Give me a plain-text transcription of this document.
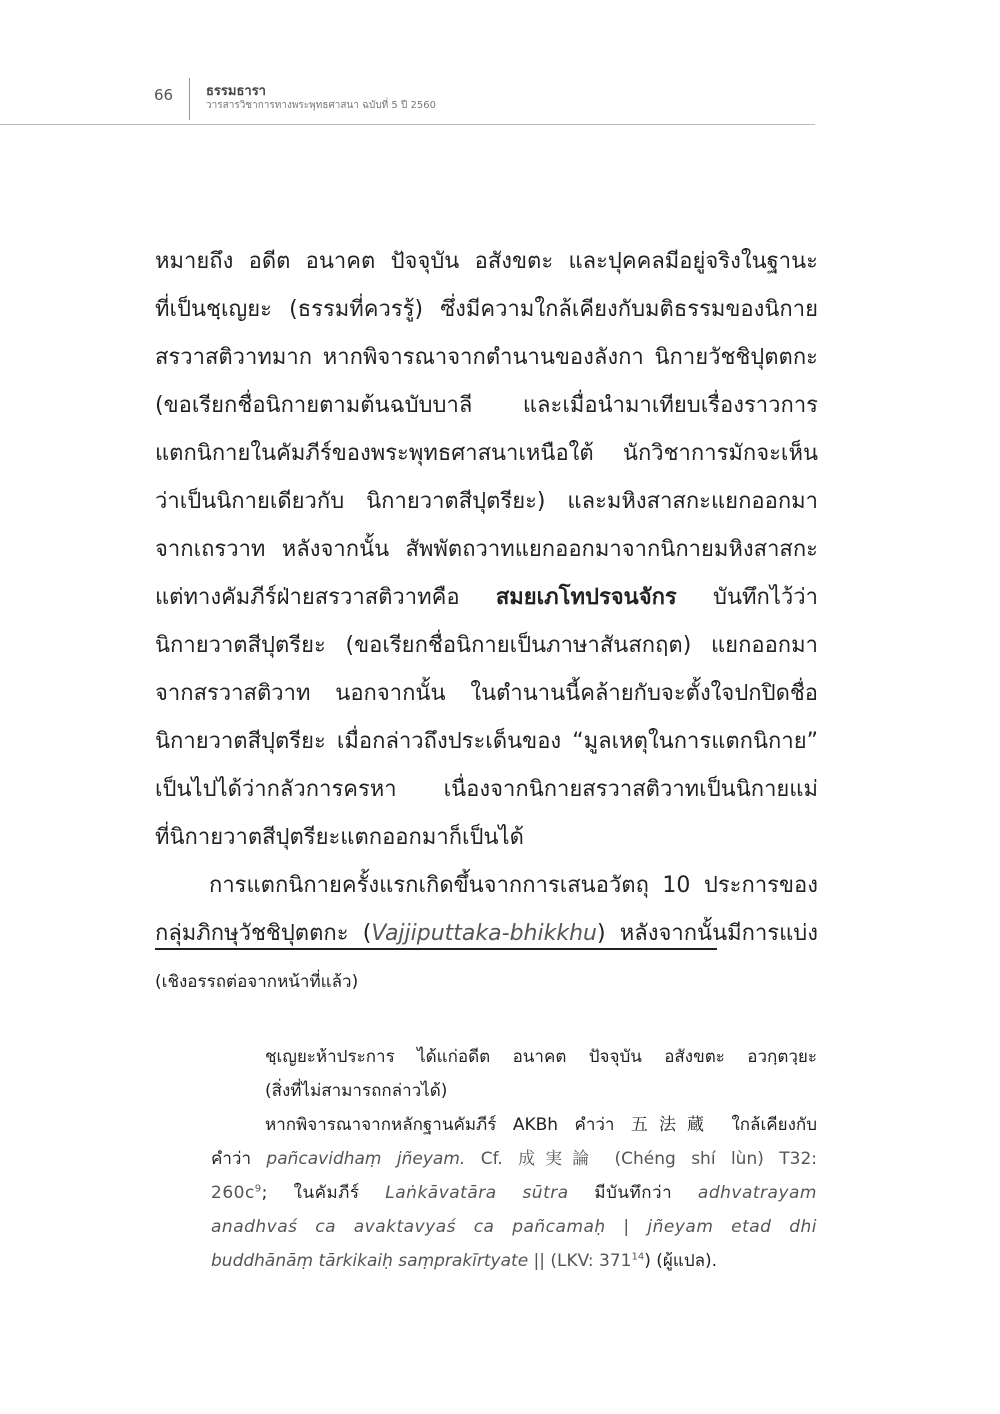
66	ธรรมธารา
วารสารวิชาการทางพระพุทธศาสนา ฉบับที่ 5 ปี 2560
หมายถึง อดีต อนาคต ปัจจุบัน อสังขตะ และปุคคลมีอยู่จริงในฐานะ
ที่เป็นชฺเญยะ (ธรรมที่ควรรู้) ซึ่งมีความใกล้เคียงกับมติธรรมของนิกาย
สรวาสติวาทมาก หากพิจารณาจากตำนานของลังกา นิกายวัชชิปุตตกะ
(ขอเรียกชื่อนิกายตามต้นฉบับบาลี และเมื่อนำมาเทียบเรื่องราวการ
แตกนิกายในคัมภีร์ของพระพุทธศาสนาเหนือใต้ นักวิชาการมักจะเห็น
ว่าเป็นนิกายเดียวกับ นิกายวาตสีปุตรียะ) และมหิงสาสกะแยกออกมา
จากเถรวาท หลังจากนั้น สัพพัตถวาทแยกออกมาจากนิกายมหิงสาสกะ
แต่ทางคัมภีร์ฝ่ายสรวาสติวาทคือ สมยเภโทปรจนจักร บันทึกไว้ว่า
นิกายวาตสีปุตรียะ (ขอเรียกชื่อนิกายเป็นภาษาสันสกฤต) แยกออกมา
จากสรวาสติวาท นอกจากนั้น ในตำนานนี้คล้ายกับจะตั้งใจปกปิดชื่อ
นิกายวาตสีปุตรียะ เมื่อกล่าวถึงประเด็นของ “มูลเหตุในการแตกนิกาย”
เป็นไปได้ว่ากลัวการครหา เนื่องจากนิกายสรวาสติวาทเป็นนิกายแม่
ที่นิกายวาตสีปุตรียะแตกออกมาก็เป็นได้
การแตกนิกายครั้งแรกเกิดขึ้นจากการเสนอวัตถุ 10 ประการของ
กลุ่มภิกษุวัชชิปุตตกะ (Vajjiputtaka-bhikkhu) หลังจากนั้นมีการแบ่ง
(เชิงอรรถต่อจากหน้าที่แล้ว)
ชฺเญยะห้าประการ ได้แก่อดีต อนาคต ปัจจุบัน อสังขตะ อวกฺตวฺยะ
(สิ่งที่ไม่สามารถกล่าวได้)
หากพิจารณาจากหลักฐานคัมภีร์ AKBh คำว่า 五法蔵 ใกล้เคียงกับ
คำว่า pañcavidhaṃ jñeyam. Cf. 成実論 (Chéng shí lùn) T32:
$260c^9$; ในคัมภีร์ Laṅkāvatāra sūtra มีบันทึกว่า adhvatrayam
anadhvaś ca avaktavyaś ca pañcamaḥ | jñeyam etad dhi
buddhānāṃ tārkikaiḥ saṃprakīrtyate || (LKV: $371^{14}$) (ผู้แปล).
